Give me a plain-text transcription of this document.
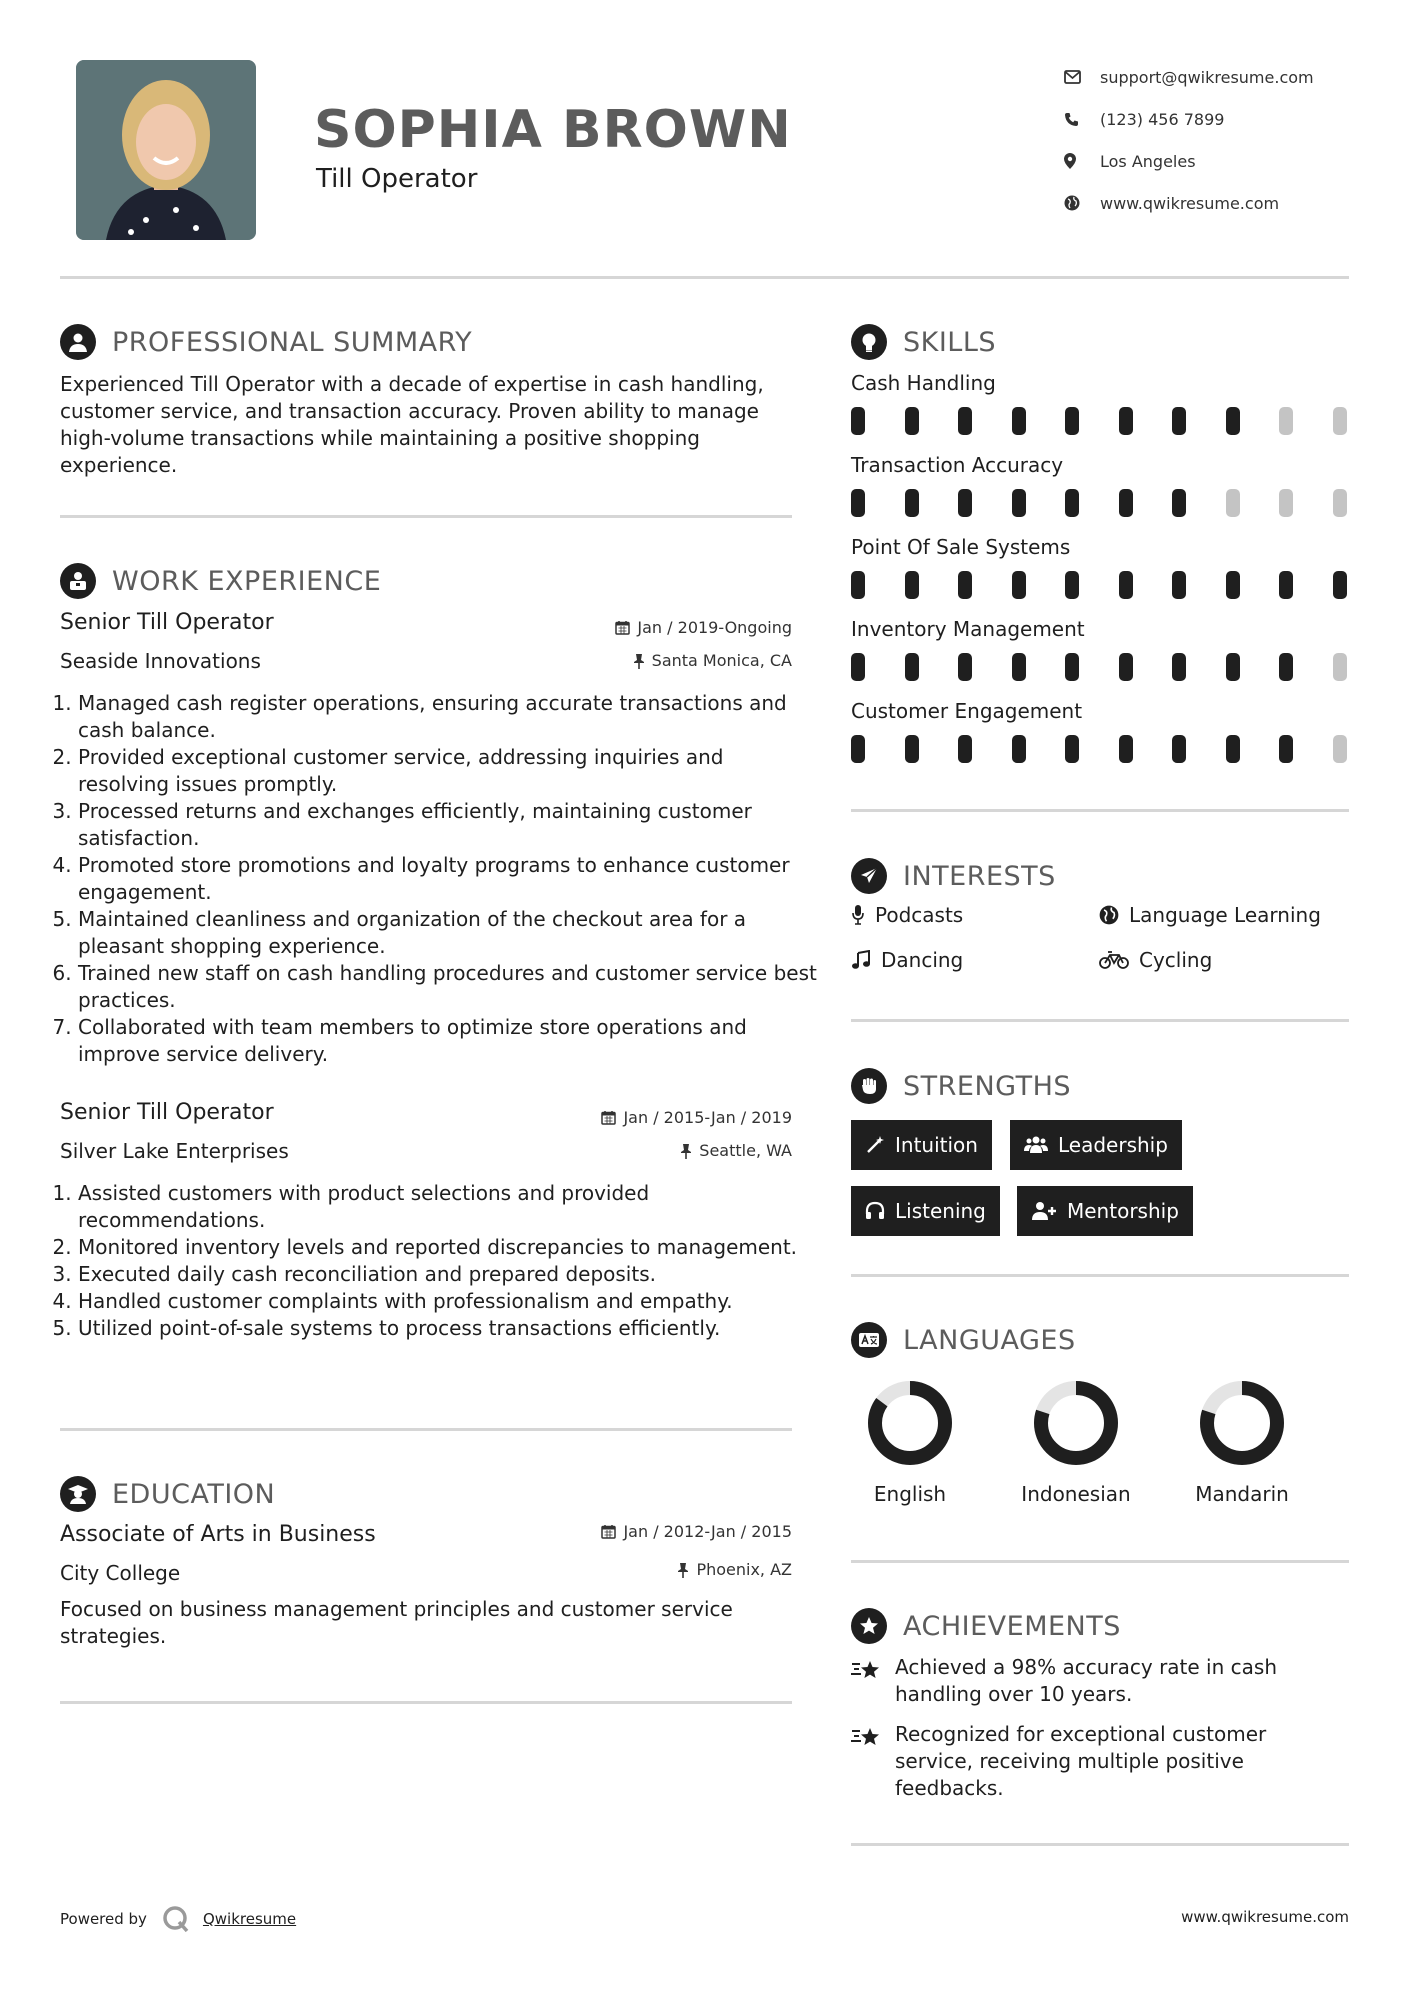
SOPHIA BROWN
Till Operator
support@qwikresume.com
(123) 456 7899
Los Angeles
www.qwikresume.com
PROFESSIONAL SUMMARY
Experienced Till Operator with a decade of expertise in cash handling, customer service, and transaction accuracy. Proven ability to manage high-volume transactions while maintaining a positive shopping experience.
WORK EXPERIENCE
Senior Till Operator	Jan / 2019-Ongoing
Seaside Innovations	Santa Monica, CA
1. Managed cash register operations, ensuring accurate transactions and cash balance.
2. Provided exceptional customer service, addressing inquiries and resolving issues promptly.
3. Processed returns and exchanges efficiently, maintaining customer satisfaction.
4. Promoted store promotions and loyalty programs to enhance customer engagement.
5. Maintained cleanliness and organization of the checkout area for a pleasant shopping experience.
6. Trained new staff on cash handling procedures and customer service best practices.
7. Collaborated with team members to optimize store operations and improve service delivery.
Senior Till Operator	Jan / 2015-Jan / 2019
Silver Lake Enterprises	Seattle, WA
1. Assisted customers with product selections and provided recommendations.
2. Monitored inventory levels and reported discrepancies to management.
3. Executed daily cash reconciliation and prepared deposits.
4. Handled customer complaints with professionalism and empathy.
5. Utilized point-of-sale systems to process transactions efficiently.
EDUCATION
Associate of Arts in Business	Jan / 2012-Jan / 2015
City College	Phoenix, AZ
Focused on business management principles and customer service strategies.
SKILLS
Cash Handling
Transaction Accuracy
Point Of Sale Systems
Inventory Management
Customer Engagement
INTERESTS
Podcasts	Language Learning
Dancing	Cycling
STRENGTHS
Intuition	Leadership
Listening	Mentorship
LANGUAGES
English	Indonesian	Mandarin
ACHIEVEMENTS
Achieved a 98% accuracy rate in cash handling over 10 years.
Recognized for exceptional customer service, receiving multiple positive feedbacks.
Powered by	Qwikresume	www.qwikresume.com
